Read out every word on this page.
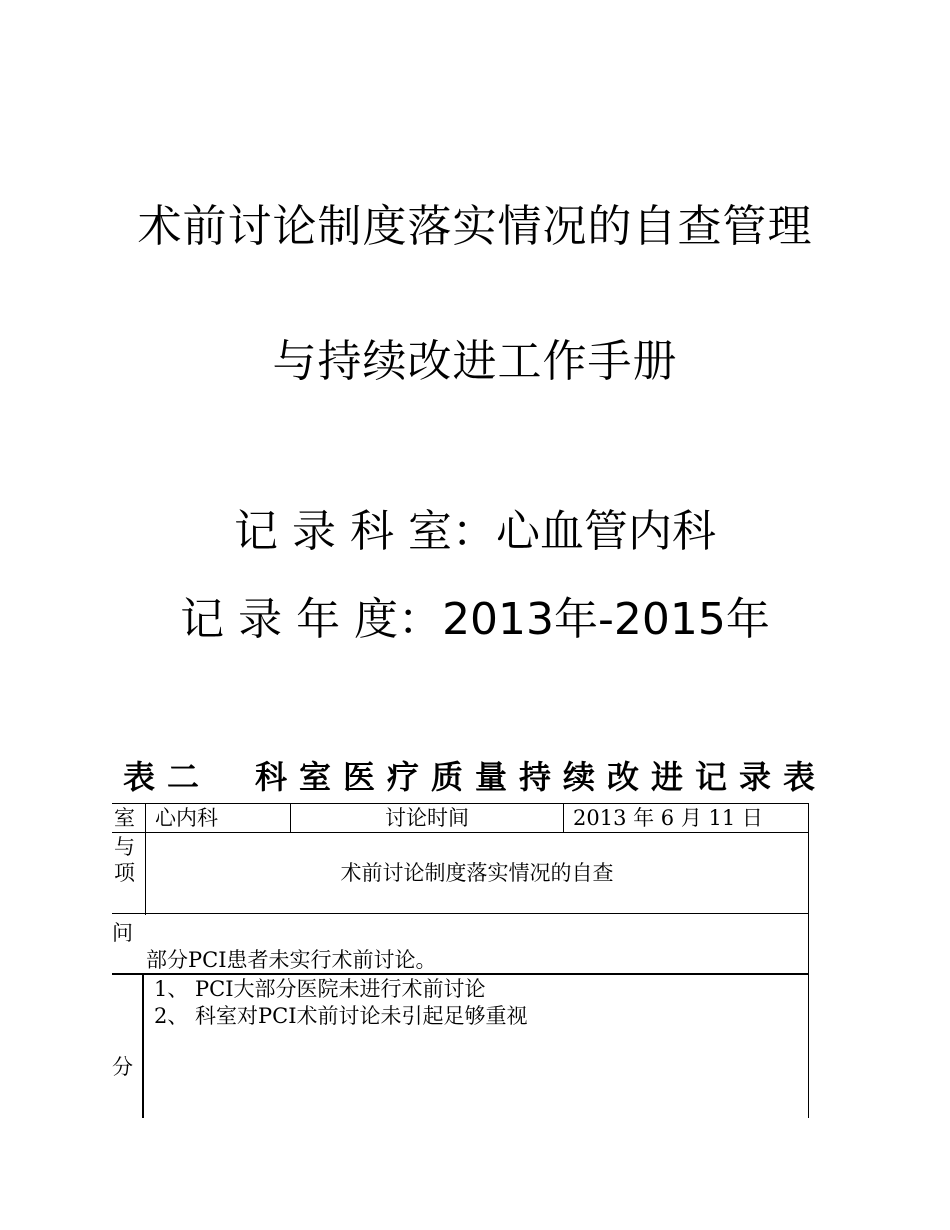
术前讨论制度落实情况的自查管理
与持续改进工作手册
记 录 科 室：心血管内科
记 录 年 度：2013年-2015年
表二　科室医疗质量持续改进记录表
室 心内科	讨论时间	2013 年 6 月 11 日
与
项	术前讨论制度落实情况的自查
问
部分PCI患者未实行术前讨论。
1、 PCI大部分医院未进行术前讨论
2、 科室对PCI术前讨论未引起足够重视
分
